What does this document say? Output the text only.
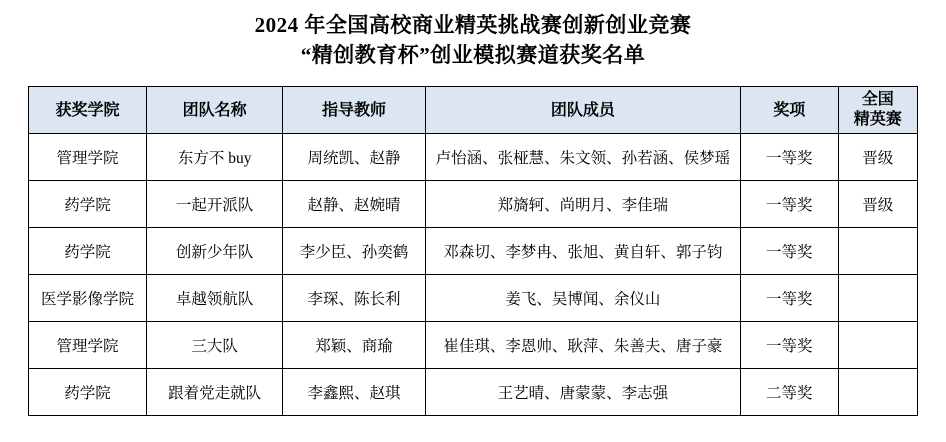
2024 年全国高校商业精英挑战赛创新创业竞赛
“精创教育杯”创业模拟赛道获奖名单
获奖学院	团队名称	指导教师	团队成员	奖项	全国
精英赛

管理学院	东方不 buy	周统凯、赵静	卢怡涵、张桠慧、朱文领、孙若涵、侯梦瑶	一等奖	晋级
药学院	一起开派队	赵静、赵婉晴	郑旖轲、尚明月、李佳瑞	一等奖	晋级
药学院	创新少年队	李少臣、孙奕鹤	邓森切、李梦冉、张旭、黄自轩、郭子钧	一等奖	
医学影像学院	卓越领航队	李琛、陈长利	姜飞、吴博闻、余仪山	一等奖	
管理学院	三大队	郑颖、商瑜	崔佳琪、李恩帅、耿萍、朱善夫、唐子豪	一等奖	
药学院	跟着党走就队	李鑫熙、赵琪	王艺晴、唐蒙蒙、李志强	二等奖	
